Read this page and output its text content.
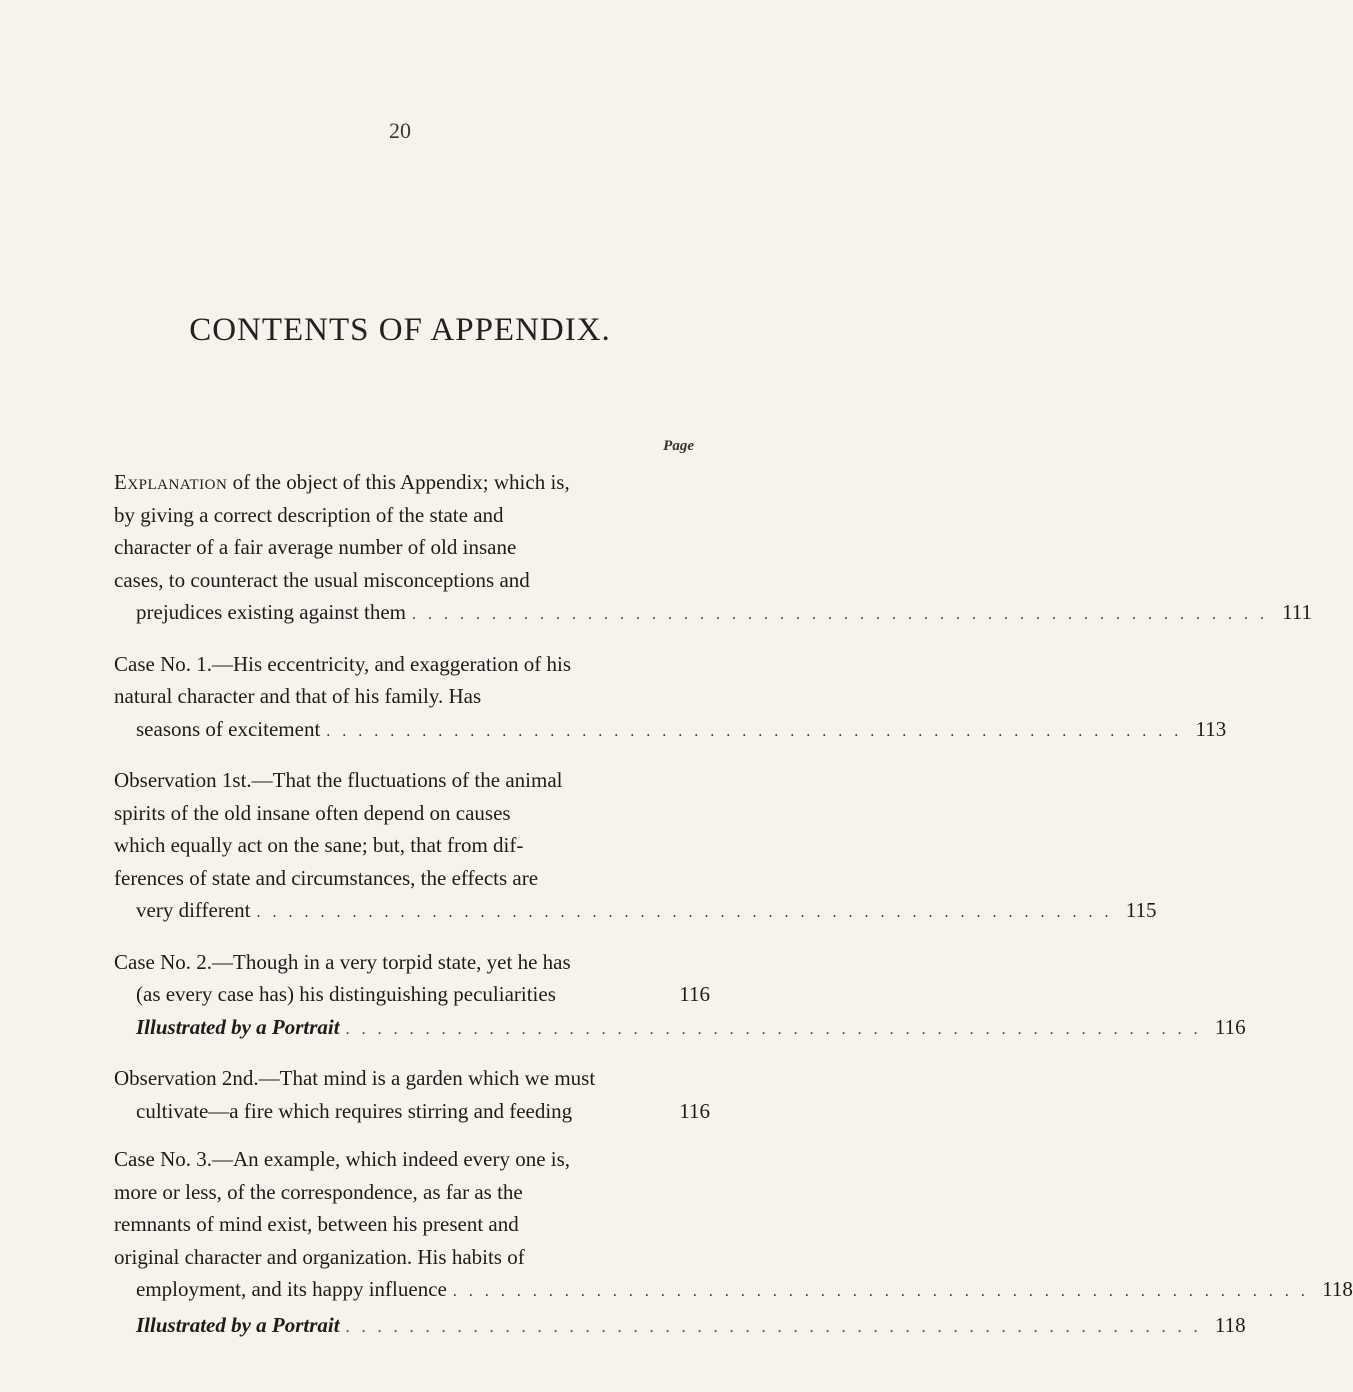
20
CONTENTS OF APPENDIX.
Page
Explanation of the object of this Appendix; which is,
by giving a correct description of the state and
character of a fair average number of old insane
cases, to counteract the usual misconceptions and
prejudices existing against them . . . . . . . . . . . . . . . . . . . . . . . . . . . . . . . . . . . . . . . . . . . . . . . . . . . . . . 111
Case No. 1.—His eccentricity, and exaggeration of his
natural character and that of his family. Has
seasons of excitement . . . . . . . . . . . . . . . . . . . . . . . . . . . . . . . . . . . . . . . . . . . . . . . . . . . . . . 113
Observation 1st.—That the fluctuations of the animal
spirits of the old insane often depend on causes
which equally act on the sane; but, that from dif-
ferences of state and circumstances, the effects are
very different . . . . . . . . . . . . . . . . . . . . . . . . . . . . . . . . . . . . . . . . . . . . . . . . . . . . . . 115
Case No. 2.—Though in a very torpid state, yet he has
(as every case has) his distinguishing peculiarities	116
Illustrated by a Portrait . . . . . . . . . . . . . . . . . . . . . . . . . . . . . . . . . . . . . . . . . . . . . . . . . . . . . . 116
Observation 2nd.—That mind is a garden which we must
cultivate—a fire which requires stirring and feeding	116
Case No. 3.—An example, which indeed every one is,
more or less, of the correspondence, as far as the
remnants of mind exist, between his present and
original character and organization. His habits of
employment, and its happy influence . . . . . . . . . . . . . . . . . . . . . . . . . . . . . . . . . . . . . . . . . . . . . . . . . . . . . . 118
Illustrated by a Portrait . . . . . . . . . . . . . . . . . . . . . . . . . . . . . . . . . . . . . . . . . . . . . . . . . . . . . . 118
